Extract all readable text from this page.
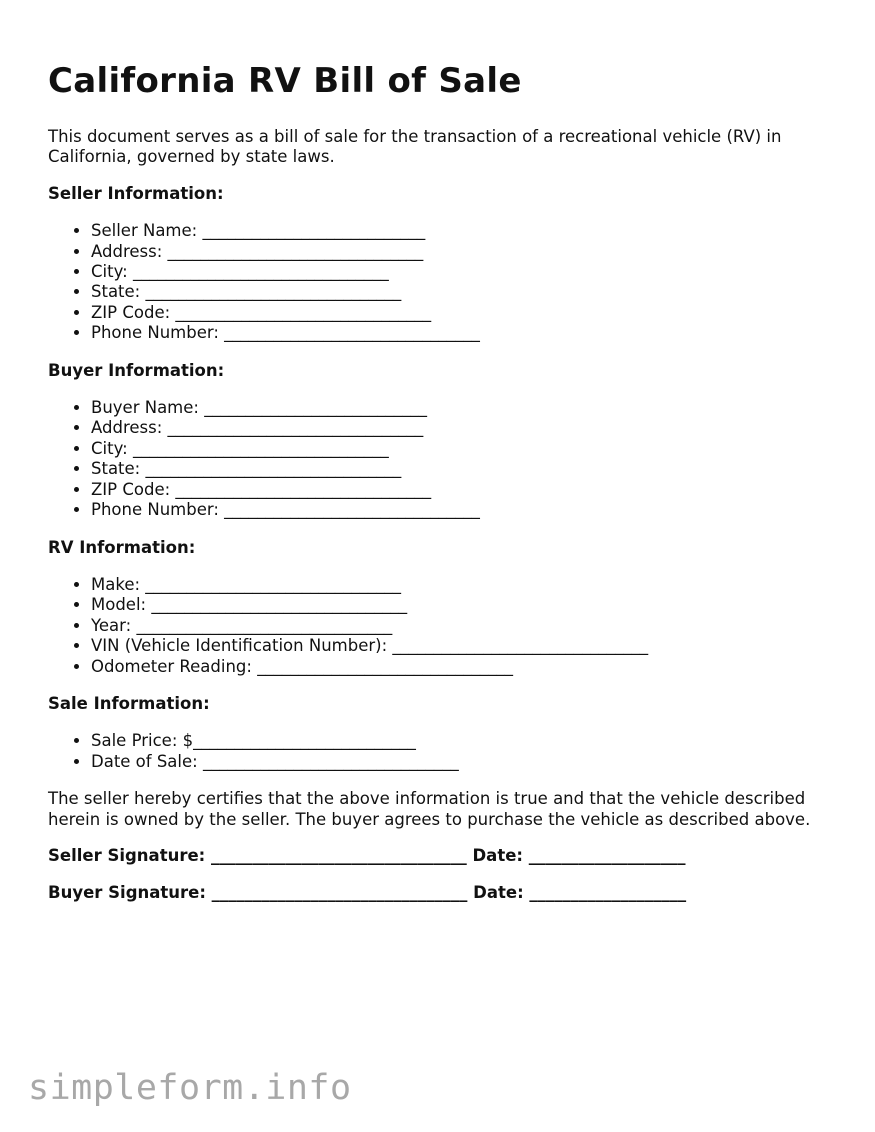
California RV Bill of Sale

This document serves as a bill of sale for the transaction of a recreational vehicle (RV) in California, governed by state laws.

Seller Information:
• Seller Name: ___________________________
• Address: _______________________________
• City: _______________________________
• State: _______________________________
• ZIP Code: _______________________________
• Phone Number: _______________________________
Buyer Information:
• Buyer Name: ___________________________
• Address: _______________________________
• City: _______________________________
• State: _______________________________
• ZIP Code: _______________________________
• Phone Number: _______________________________
RV Information:
• Make: _______________________________
• Model: _______________________________
• Year: _______________________________
• VIN (Vehicle Identification Number): _______________________________
• Odometer Reading: _______________________________
Sale Information:
• Sale Price: $___________________________
• Date of Sale: _______________________________

The seller hereby certifies that the above information is true and that the vehicle described herein is owned by the seller. The buyer agrees to purchase the vehicle as described above.

Seller Signature: _______________________________ Date: ___________________
Buyer Signature: _______________________________ Date: ___________________
simpleform.info
